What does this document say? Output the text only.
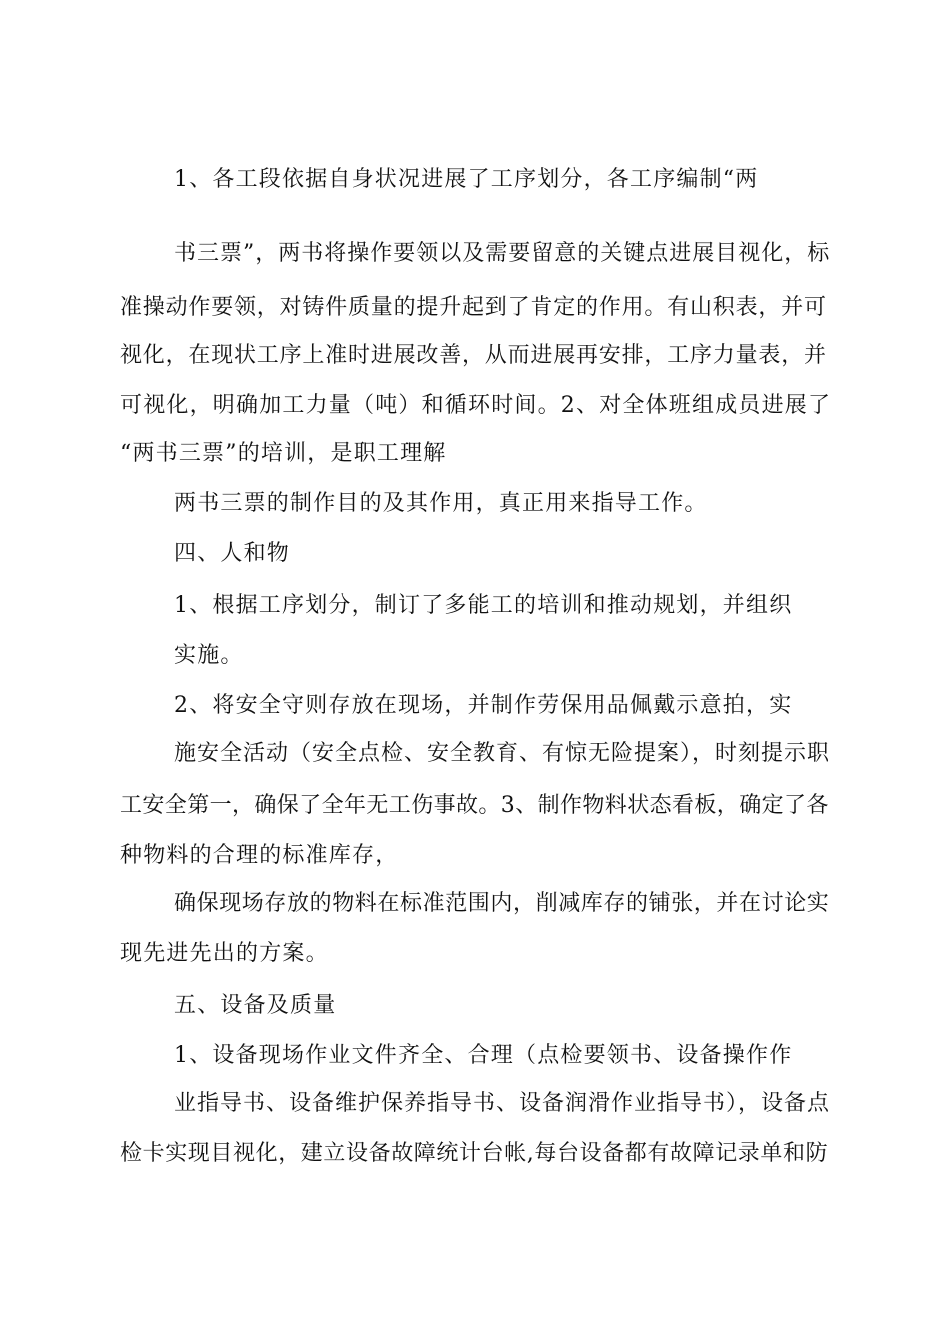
1、各工段依据自身状况进展了工序划分，各工序编制“两
书三票”，两书将操作要领以及需要留意的关键点进展目视化，标
准操动作要领，对铸件质量的提升起到了肯定的作用。有山积表，并可
视化，在现状工序上准时进展改善，从而进展再安排，工序力量表，并
可视化，明确加工力量（吨）和循环时间。2、对全体班组成员进展了
“两书三票”的培训，是职工理解
两书三票的制作目的及其作用，真正用来指导工作。
四、人和物
1、根据工序划分，制订了多能工的培训和推动规划，并组织
实施。
2、将安全守则存放在现场，并制作劳保用品佩戴示意拍，实
施安全活动（安全点检、安全教育、有惊无险提案），时刻提示职
工安全第一，确保了全年无工伤事故。3、制作物料状态看板，确定了各
种物料的合理的标准库存，
确保现场存放的物料在标准范围内，削减库存的铺张，并在讨论实
现先进先出的方案。
五、设备及质量
1、设备现场作业文件齐全、合理（点检要领书、设备操作作
业指导书、设备维护保养指导书、设备润滑作业指导书），设备点
检卡实现目视化，建立设备故障统计台帐,每台设备都有故障记录单和防
